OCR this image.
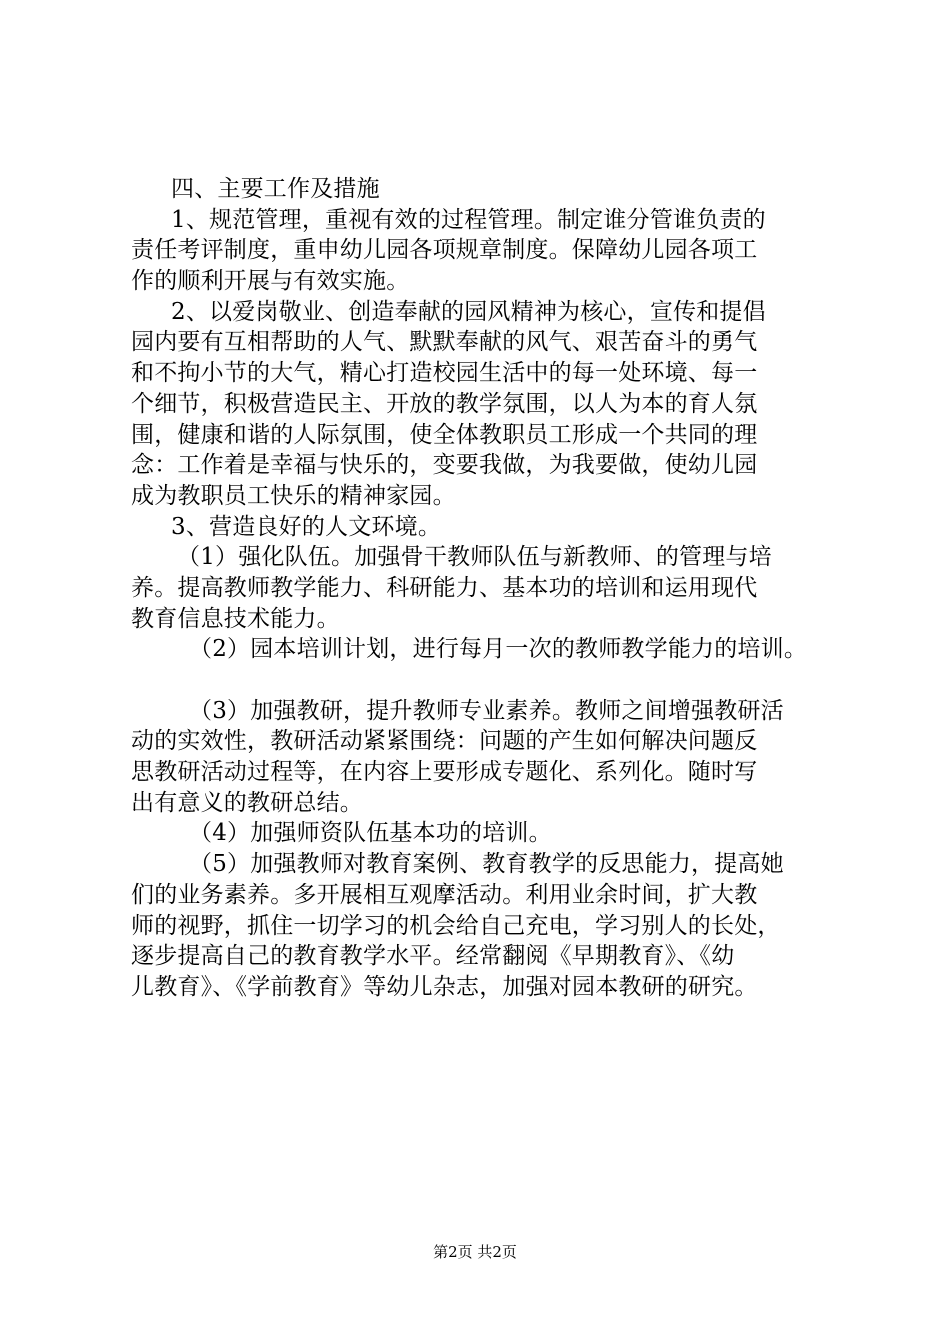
四、主要工作及措施
1、规范管理，重视有效的过程管理。制定谁分管谁负责的
责任考评制度，重申幼儿园各项规章制度。保障幼儿园各项工
作的顺利开展与有效实施。
2、以爱岗敬业、创造奉献的园风精神为核心，宣传和提倡
园内要有互相帮助的人气、默默奉献的风气、艰苦奋斗的勇气
和不拘小节的大气，精心打造校园生活中的每一处环境、每一
个细节，积极营造民主、开放的教学氛围，以人为本的育人氛
围，健康和谐的人际氛围，使全体教职员工形成一个共同的理
念：工作着是幸福与快乐的，变要我做，为我要做，使幼儿园
成为教职员工快乐的精神家园。
3、营造良好的人文环境。
（1）强化队伍。加强骨干教师队伍与新教师、的管理与培
养。提高教师教学能力、科研能力、基本功的培训和运用现代
教育信息技术能力。
（2）园本培训计划，进行每月一次的教师教学能力的培训。
（3）加强教研，提升教师专业素养。教师之间增强教研活
动的实效性，教研活动紧紧围绕：问题的产生如何解决问题反
思教研活动过程等，在内容上要形成专题化、系列化。随时写
出有意义的教研总结。
（4）加强师资队伍基本功的培训。
（5）加强教师对教育案例、教育教学的反思能力，提高她
们的业务素养。多开展相互观摩活动。利用业余时间，扩大教
师的视野，抓住一切学习的机会给自己充电，学习别人的长处，
逐步提高自己的教育教学水平。经常翻阅《早期教育》、《幼
儿教育》、《学前教育》等幼儿杂志，加强对园本教研的研究。
第2页 共2页
